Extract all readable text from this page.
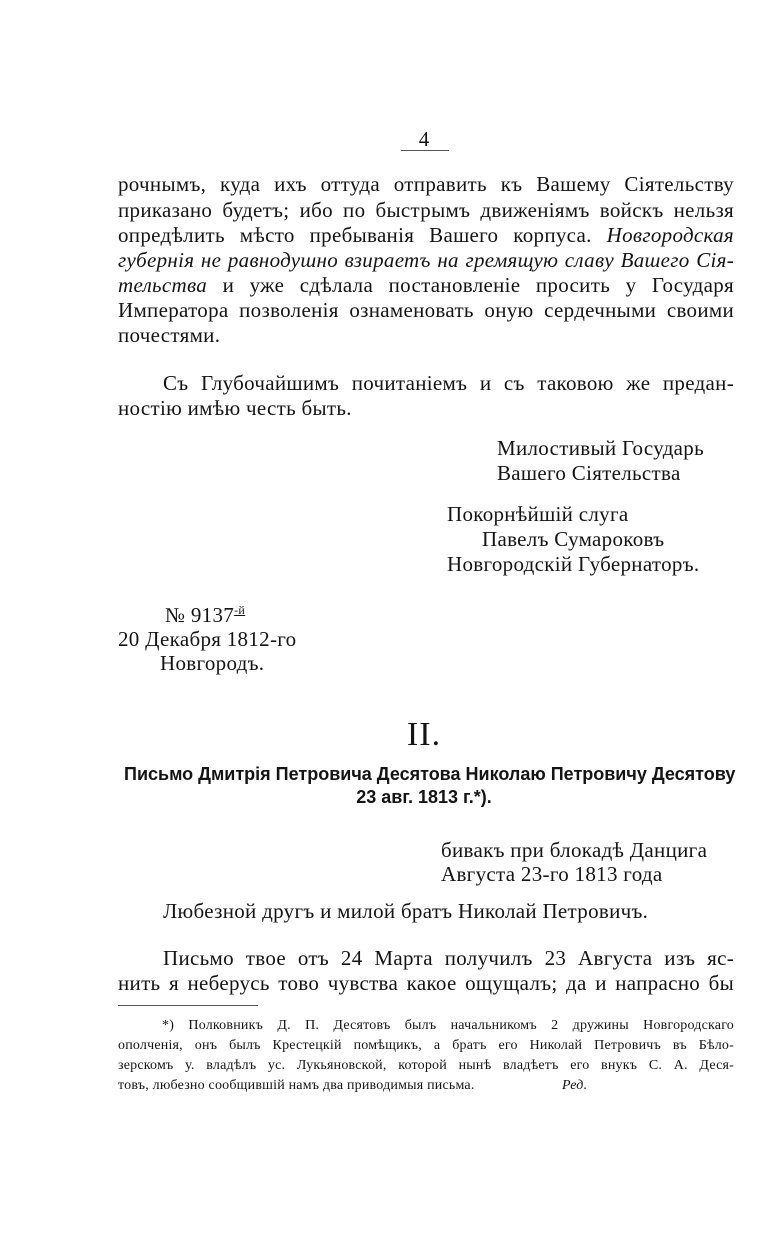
4
рочнымъ, куда ихъ оттуда отправить къ Вашему Сіятельству
приказано будетъ; ибо по быстрымъ движеніямъ войскъ нельзя
опредѣлить мѣсто пребыванія Вашего корпуса. Новгородская
губернія не равнодушно взираетъ на гремящую славу Вашего Сія-
тельства и уже сдѣлала постановленіе просить у Государя
Императора позволенія ознаменовать оную сердечными своими
почестями.
Съ Глубочайшимъ почитаніемъ и съ таковою же предан-
ностію имѣю честь быть.
Милостивый Государь
Вашего Сіятельства
Покорнѣйшій слуга
Павелъ Сумароковъ
Новгородскій Губернаторъ.
№ $9137^{-й}$
20 Декабря 1812-го
Новгородъ.
II.
Письмо Дмитрія Петровича Десятова Николаю Петровичу Десятову
23 авг. 1813 г.*).
бивакъ при блокадѣ Данцига
Августа 23-го 1813 года
Любезной другъ и милой братъ Николай Петровичъ.
Письмо твое отъ 24 Марта получилъ 23 Августа изъ яс-
нить я неберусь тово чувства какое ощущалъ; да и напрасно бы
*) Полковникъ Д. П. Десятовъ былъ начальникомъ 2 дружины Новгородскаго
ополченія, онъ былъ Крестецкій помѣщикъ, а братъ его Николай Петровичъ въ Бѣло-
зерскомъ у. владѣлъ ус. Лукьяновской, которой нынѣ владѣетъ его внукъ С. А. Деся-
товъ, любезно сообщившій намъ два приводимыя письма.	Ред.
